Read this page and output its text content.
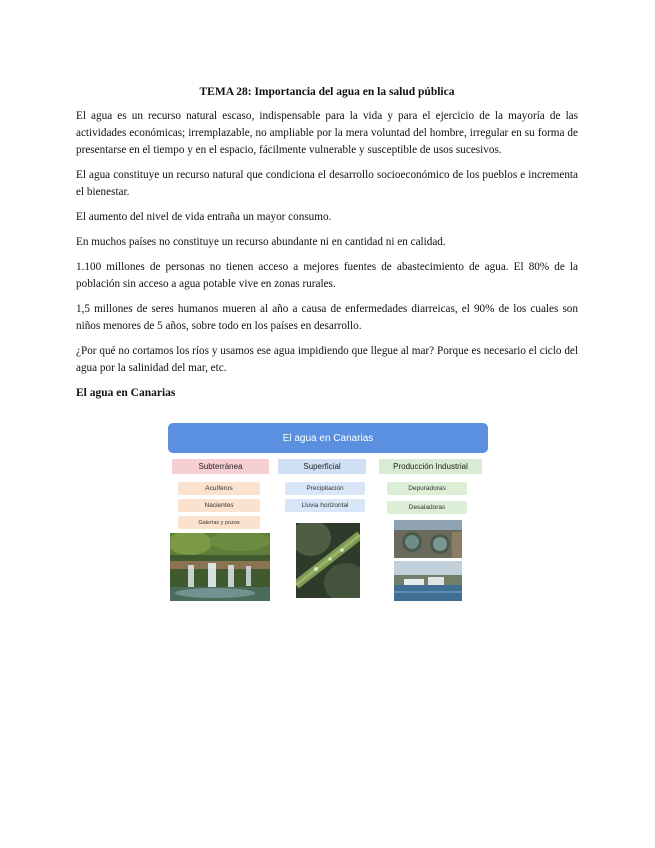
TEMA 28: Importancia del agua en la salud pública

El agua es un recurso natural escaso, indispensable para la vida y para el ejercicio de la mayoría de las actividades económicas; irremplazable, no ampliable por la mera voluntad del hombre, irregular en su forma de presentarse en el tiempo y en el espacio, fácilmente vulnerable y susceptible de usos sucesivos.

El agua constituye un recurso natural que condiciona el desarrollo socioeconómico de los pueblos e incrementa el bienestar.

El aumento del nivel de vida entraña un mayor consumo.

En muchos países no constituye un recurso abundante ni en cantidad ni en calidad.

1.100 millones de personas no tienen acceso a mejores fuentes de abastecimiento de agua. El 80% de la población sin acceso a agua potable vive en zonas rurales.

1,5 millones de seres humanos mueren al año a causa de enfermedades diarreicas, el 90% de los cuales son niños menores de 5 años, sobre todo en los países en desarrollo.

¿Por qué no cortamos los ríos y usamos ese agua impidiendo que llegue al mar? Porque es necesario el ciclo del agua por la salinidad del mar, etc.

El agua en Canarias

El agua en Canarias
Subterránea
Acuíferos
Nacientes
Galerías y pozos
Superficial
Precipitación
Lluvia horizontal
Producción Industrial
Depuradoras
Desaladoras
